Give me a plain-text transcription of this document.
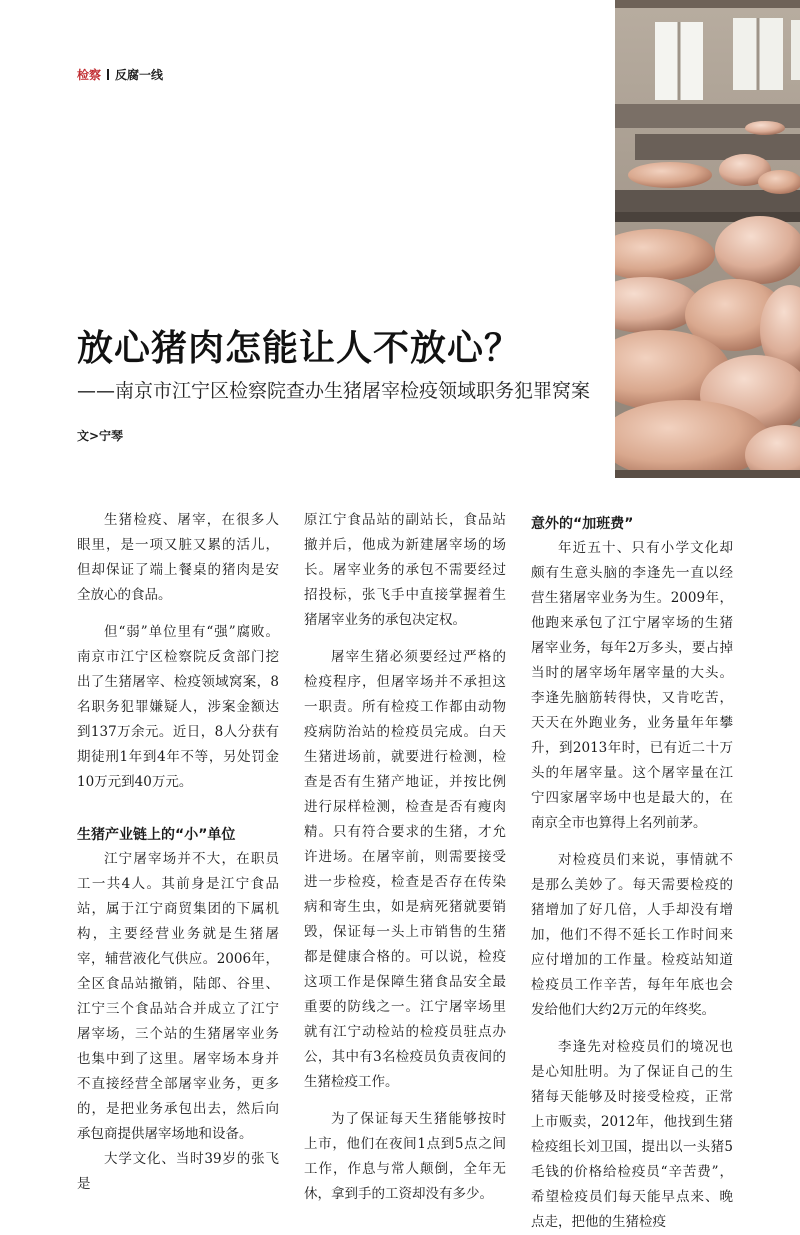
检察 反腐一线
放心猪肉怎能让人不放心？

——南京市江宁区检察院查办生猪屠宰检疫领域职务犯罪窝案

文>宁琴

生猪检疫、屠宰，在很多人眼里，是一项又脏又累的活儿，但却保证了端上餐桌的猪肉是安全放心的食品。

但“弱”单位里有“强”腐败。南京市江宁区检察院反贪部门挖出了生猪屠宰、检疫领域窝案，8名职务犯罪嫌疑人，涉案金额达到137万余元。近日，8人分获有期徒刑1年到4年不等，另处罚金10万元到40万元。

生猪产业链上的“小”单位

江宁屠宰场并不大，在职员工一共4人。其前身是江宁食品站，属于江宁商贸集团的下属机构，主要经营业务就是生猪屠宰，辅营液化气供应。2006年，全区食品站撤销，陆郎、谷里、江宁三个食品站合并成立了江宁屠宰场，三个站的生猪屠宰业务也集中到了这里。屠宰场本身并不直接经营全部屠宰业务，更多的，是把业务承包出去，然后向承包商提供屠宰场地和设备。

大学文化、当时39岁的张飞是

原江宁食品站的副站长，食品站撤并后，他成为新建屠宰场的场长。屠宰业务的承包不需要经过招投标，张飞手中直接掌握着生猪屠宰业务的承包决定权。

屠宰生猪必须要经过严格的检疫程序，但屠宰场并不承担这一职责。所有检疫工作都由动物疫病防治站的检疫员完成。白天生猪进场前，就要进行检测，检查是否有生猪产地证，并按比例进行尿样检测，检查是否有瘦肉精。只有符合要求的生猪，才允许进场。在屠宰前，则需要接受进一步检疫，检查是否存在传染病和寄生虫，如是病死猪就要销毁，保证每一头上市销售的生猪都是健康合格的。可以说，检疫这项工作是保障生猪食品安全最重要的防线之一。江宁屠宰场里就有江宁动检站的检疫员驻点办公，其中有3名检疫员负责夜间的生猪检疫工作。

为了保证每天生猪能够按时上市，他们在夜间1点到5点之间工作，作息与常人颠倒，全年无休，拿到手的工资却没有多少。

意外的“加班费”

年近五十、只有小学文化却颇有生意头脑的李逢先一直以经营生猪屠宰业务为生。2009年，他跑来承包了江宁屠宰场的生猪屠宰业务，每年2万多头，要占掉当时的屠宰场年屠宰量的大头。李逢先脑筋转得快，又肯吃苦，天天在外跑业务，业务量年年攀升，到2013年时，已有近二十万头的年屠宰量。这个屠宰量在江宁四家屠宰场中也是最大的，在南京全市也算得上名列前茅。

对检疫员们来说，事情就不是那么美妙了。每天需要检疫的猪增加了好几倍，人手却没有增加，他们不得不延长工作时间来应付增加的工作量。检疫站知道检疫员工作辛苦，每年年底也会发给他们大约2万元的年终奖。

李逢先对检疫员们的境况也是心知肚明。为了保证自己的生猪每天能够及时接受检疫，正常上市贩卖，2012年，他找到生猪检疫组长刘卫国，提出以一头猪5毛钱的价格给检疫员“辛苦费”，希望检疫员们每天能早点来、晚点走，把他的生猪检疫
